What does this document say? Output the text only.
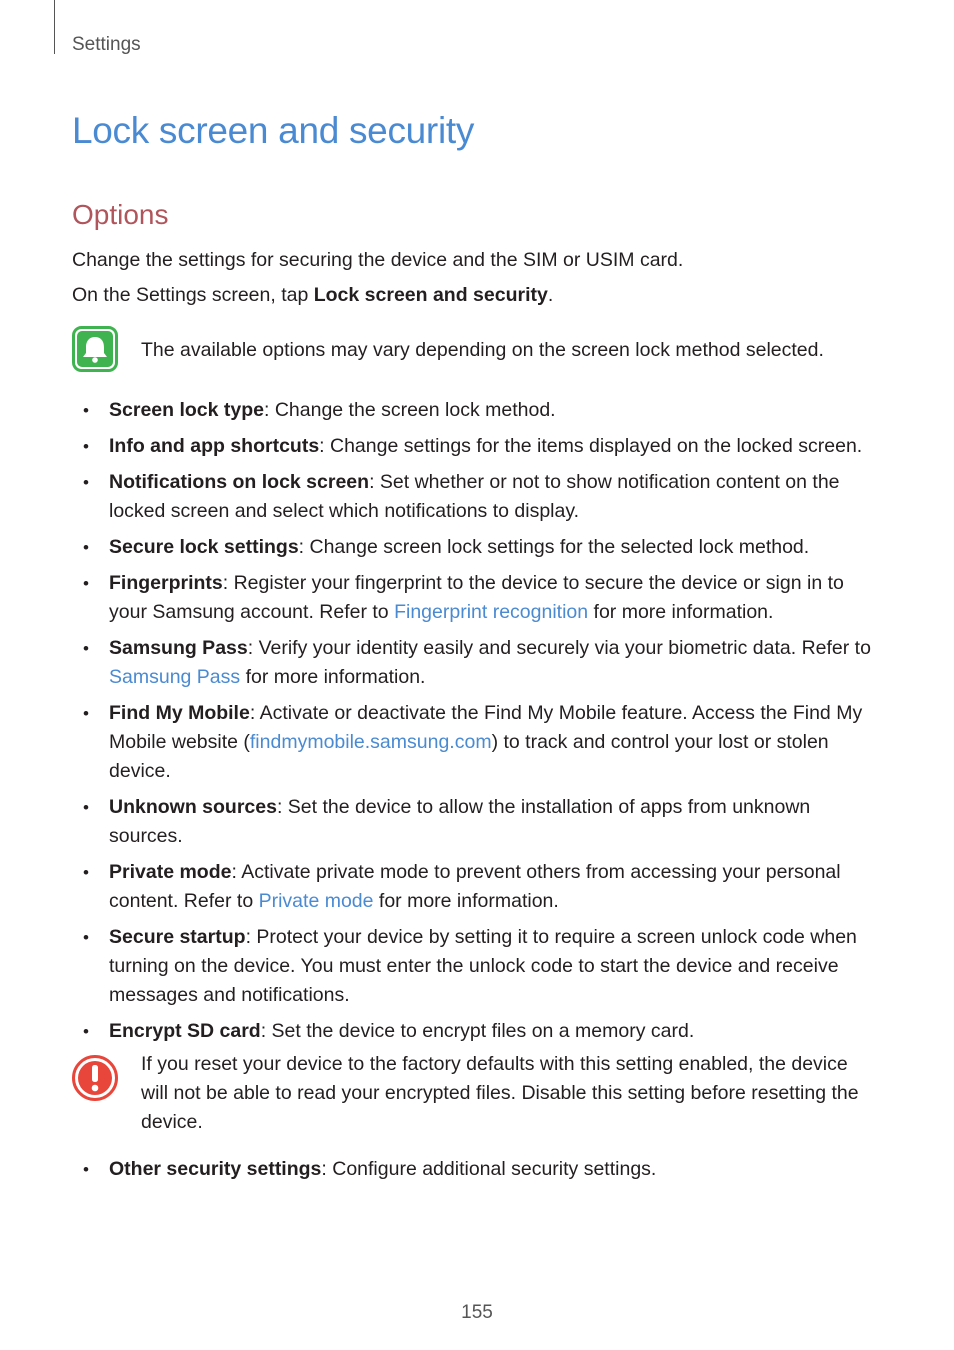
Settings
Lock screen and security
Options

Change the settings for securing the device and the SIM or USIM card.

On the Settings screen, tap Lock screen and security.

The available options may vary depending on the screen lock method selected.

• Screen lock type: Change the screen lock method.
• Info and app shortcuts: Change settings for the items displayed on the locked screen.
• Notifications on lock screen: Set whether or not to show notification content on the locked screen and select which notifications to display.
• Secure lock settings: Change screen lock settings for the selected lock method.
• Fingerprints: Register your fingerprint to the device to secure the device or sign in to your Samsung account. Refer to Fingerprint recognition for more information.
• Samsung Pass: Verify your identity easily and securely via your biometric data. Refer to Samsung Pass for more information.
• Find My Mobile: Activate or deactivate the Find My Mobile feature. Access the Find My Mobile website (findmymobile.samsung.com) to track and control your lost or stolen device.
• Unknown sources: Set the device to allow the installation of apps from unknown sources.
• Private mode: Activate private mode to prevent others from accessing your personal content. Refer to Private mode for more information.
• Secure startup: Protect your device by setting it to require a screen unlock code when turning on the device. You must enter the unlock code to start the device and receive messages and notifications.
• Encrypt SD card: Set the device to encrypt files on a memory card.

If you reset your device to the factory defaults with this setting enabled, the device will not be able to read your encrypted files. Disable this setting before resetting the device.

• Other security settings: Configure additional security settings.
155
